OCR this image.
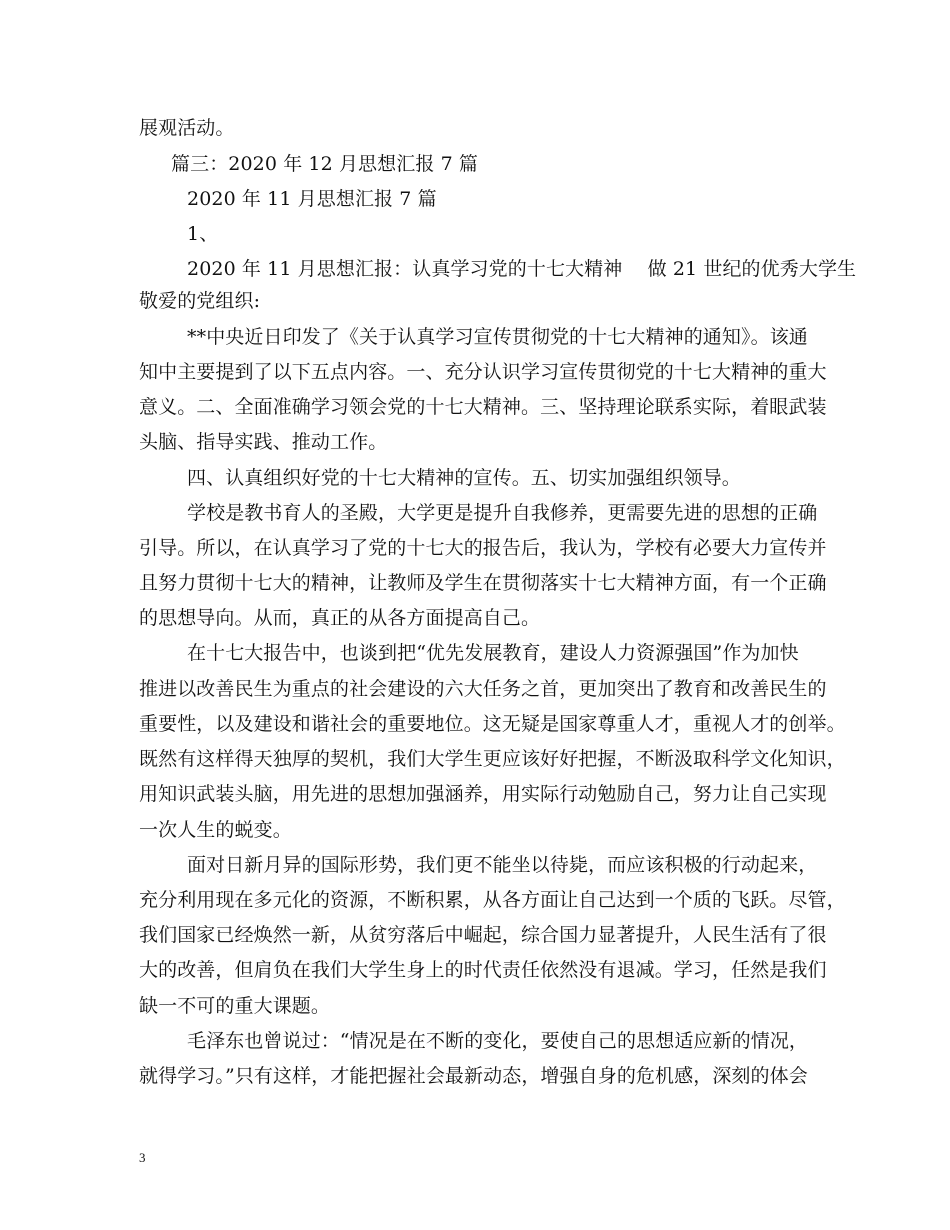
展观活动。
篇三：2020 年 12 月思想汇报 7 篇
2020 年 11 月思想汇报 7 篇
1、
2020 年 11 月思想汇报：认真学习党的十七大精神　 做 21 世纪的优秀大学生
敬爱的党组织:
**中央近日印发了《关于认真学习宣传贯彻党的十七大精神的通知》。该通
知中主要提到了以下五点内容。一、充分认识学习宣传贯彻党的十七大精神的重大
意义。二、全面准确学习领会党的十七大精神。三、坚持理论联系实际，着眼武装
头脑、指导实践、推动工作。
四、认真组织好党的十七大精神的宣传。五、切实加强组织领导。
学校是教书育人的圣殿，大学更是提升自我修养，更需要先进的思想的正确
引导。所以，在认真学习了党的十七大的报告后，我认为，学校有必要大力宣传并
且努力贯彻十七大的精神，让教师及学生在贯彻落实十七大精神方面，有一个正确
的思想导向。从而，真正的从各方面提高自己。
在十七大报告中，也谈到把“优先发展教育，建设人力资源强国”作为加快
推进以改善民生为重点的社会建设的六大任务之首，更加突出了教育和改善民生的
重要性，以及建设和谐社会的重要地位。这无疑是国家尊重人才，重视人才的创举。
既然有这样得天独厚的契机，我们大学生更应该好好把握，不断汲取科学文化知识，
用知识武装头脑，用先进的思想加强涵养，用实际行动勉励自己，努力让自己实现
一次人生的蜕变。
面对日新月异的国际形势，我们更不能坐以待毙，而应该积极的行动起来，
充分利用现在多元化的资源，不断积累，从各方面让自己达到一个质的飞跃。尽管，
我们国家已经焕然一新，从贫穷落后中崛起，综合国力显著提升，人民生活有了很
大的改善，但肩负在我们大学生身上的时代责任依然没有退减。学习，任然是我们
缺一不可的重大课题。
毛泽东也曾说过：“情况是在不断的变化，要使自己的思想适应新的情况，
就得学习。”只有这样，才能把握社会最新动态，增强自身的危机感，深刻的体会
3
